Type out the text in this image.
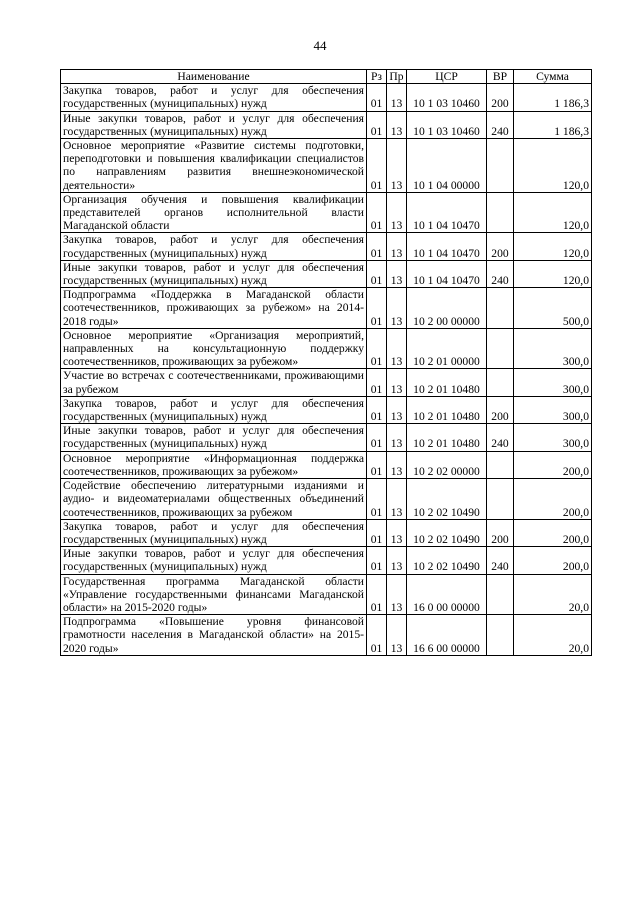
44
Наименование	Рз	Пр	ЦСР	ВР	Сумма
Закупка товаров, работ и услуг для обеспечения государственных (муниципальных) нужд	01	13	10 1 03 10460	200	1 186,3
Иные закупки товаров, работ и услуг для обеспечения государственных (муниципальных) нужд	01	13	10 1 03 10460	240	1 186,3
Основное мероприятие «Развитие системы подготовки, переподготовки и повышения квалификации специалистов по направлениям развития внешнеэкономической деятельности»	01	13	10 1 04 00000		120,0
Организация обучения и повышения квалификации представителей органов исполнительной власти Магаданской области	01	13	10 1 04 10470		120,0
Закупка товаров, работ и услуг для обеспечения государственных (муниципальных) нужд	01	13	10 1 04 10470	200	120,0
Иные закупки товаров, работ и услуг для обеспечения государственных (муниципальных) нужд	01	13	10 1 04 10470	240	120,0
Подпрограмма «Поддержка в Магаданской области соотечественников, проживающих за рубежом» на 2014-2018 годы»	01	13	10 2 00 00000		500,0
Основное мероприятие «Организация мероприятий, направленных на консультационную поддержку соотечественников, проживающих за рубежом»	01	13	10 2 01 00000		300,0
Участие во встречах с соотечественниками, проживающими за рубежом	01	13	10 2 01 10480		300,0
Закупка товаров, работ и услуг для обеспечения государственных (муниципальных) нужд	01	13	10 2 01 10480	200	300,0
Иные закупки товаров, работ и услуг для обеспечения государственных (муниципальных) нужд	01	13	10 2 01 10480	240	300,0
Основное мероприятие «Информационная поддержка соотечественников, проживающих за рубежом»	01	13	10 2 02 00000		200,0
Содействие обеспечению литературными изданиями и аудио- и видеоматериалами общественных объединений соотечественников, проживающих за рубежом	01	13	10 2 02 10490		200,0
Закупка товаров, работ и услуг для обеспечения государственных (муниципальных) нужд	01	13	10 2 02 10490	200	200,0
Иные закупки товаров, работ и услуг для обеспечения государственных (муниципальных) нужд	01	13	10 2 02 10490	240	200,0
Государственная программа Магаданской области «Управление государственными финансами Магаданской области» на 2015-2020 годы»	01	13	16 0 00 00000		20,0
Подпрограмма «Повышение уровня финансовой грамотности населения в Магаданской области» на 2015-2020 годы»	01	13	16 6 00 00000		20,0
